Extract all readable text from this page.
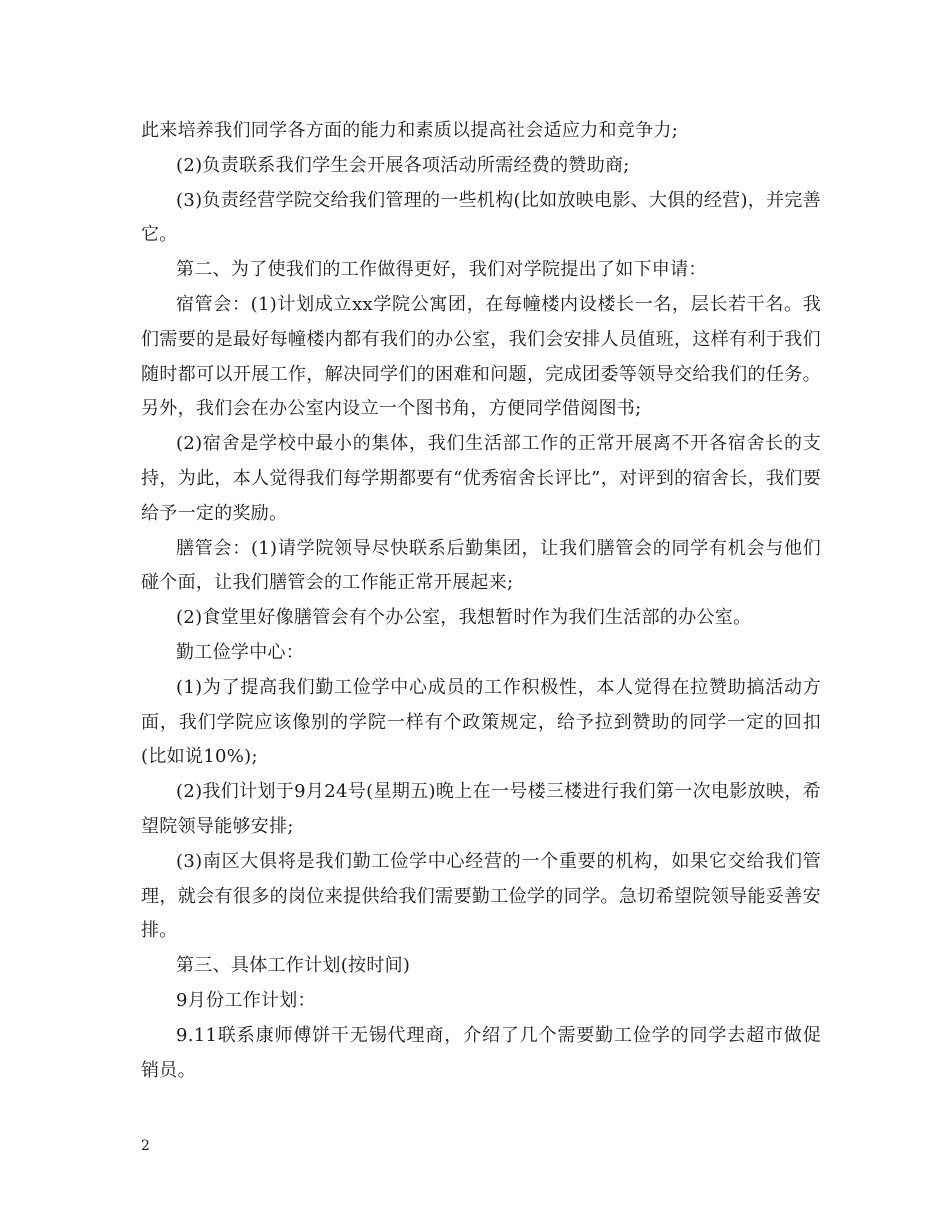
此来培养我们同学各方面的能力和素质以提高社会适应力和竞争力;

(2)负责联系我们学生会开展各项活动所需经费的赞助商;

(3)负责经营学院交给我们管理的一些机构(比如放映电影、大俱的经营)，并完善它。

第二、为了使我们的工作做得更好，我们对学院提出了如下申请：

宿管会：(1)计划成立xx学院公寓团，在每幢楼内设楼长一名，层长若干名。我们需要的是最好每幢楼内都有我们的办公室，我们会安排人员值班，这样有利于我们随时都可以开展工作，解决同学们的困难和问题，完成团委等领导交给我们的任务。另外，我们会在办公室内设立一个图书角，方便同学借阅图书;

(2)宿舍是学校中最小的集体，我们生活部工作的正常开展离不开各宿舍长的支持，为此，本人觉得我们每学期都要有“优秀宿舍长评比”，对评到的宿舍长，我们要给予一定的奖励。

膳管会：(1)请学院领导尽快联系后勤集团，让我们膳管会的同学有机会与他们碰个面，让我们膳管会的工作能正常开展起来;

(2)食堂里好像膳管会有个办公室，我想暂时作为我们生活部的办公室。

勤工俭学中心：

(1)为了提高我们勤工俭学中心成员的工作积极性，本人觉得在拉赞助搞活动方面，我们学院应该像别的学院一样有个政策规定，给予拉到赞助的同学一定的回扣(比如说10%);

(2)我们计划于9月24号(星期五)晚上在一号楼三楼进行我们第一次电影放映，希望院领导能够安排;

(3)南区大俱将是我们勤工俭学中心经营的一个重要的机构，如果它交给我们管理，就会有很多的岗位来提供给我们需要勤工俭学的同学。急切希望院领导能妥善安排。

第三、具体工作计划(按时间)

9月份工作计划：

9.11联系康师傅饼干无锡代理商，介绍了几个需要勤工俭学的同学去超市做促销员。

2
